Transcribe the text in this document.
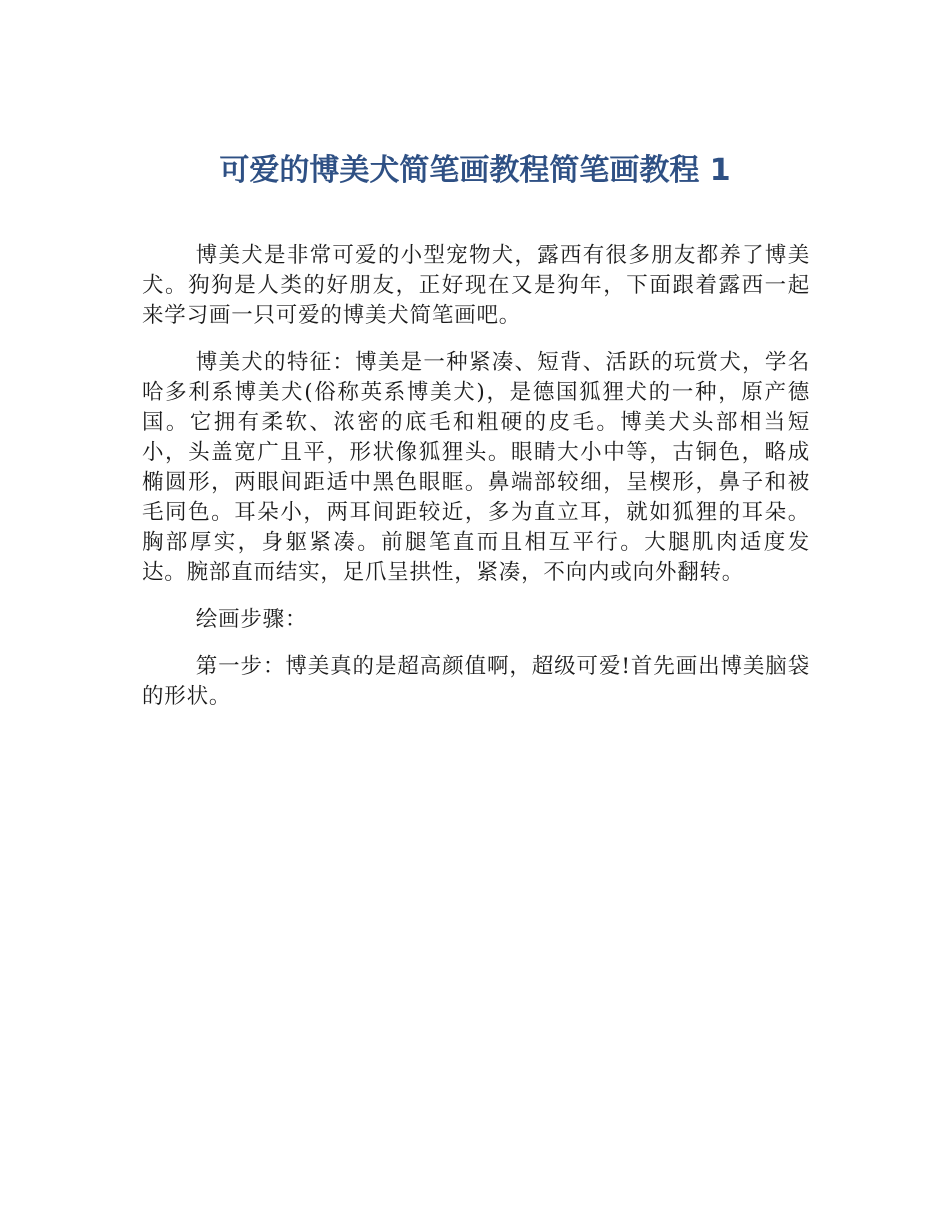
可爱的博美犬简笔画教程简笔画教程 1

博美犬是非常可爱的小型宠物犬，露西有很多朋友都养了博美犬。狗狗是人类的好朋友，正好现在又是狗年，下面跟着露西一起来学习画一只可爱的博美犬简笔画吧。

博美犬的特征：博美是一种紧凑、短背、活跃的玩赏犬，学名哈多利系博美犬(俗称英系博美犬)，是德国狐狸犬的一种，原产德国。它拥有柔软、浓密的底毛和粗硬的皮毛。博美犬头部相当短小，头盖宽广且平，形状像狐狸头。眼睛大小中等，古铜色，略成椭圆形，两眼间距适中黑色眼眶。鼻端部较细，呈楔形，鼻子和被毛同色。耳朵小，两耳间距较近，多为直立耳，就如狐狸的耳朵。胸部厚实，身躯紧凑。前腿笔直而且相互平行。大腿肌肉适度发达。腕部直而结实，足爪呈拱性，紧凑，不向内或向外翻转。

绘画步骤：

第一步：博美真的是超高颜值啊，超级可爱!首先画出博美脑袋的形状。
